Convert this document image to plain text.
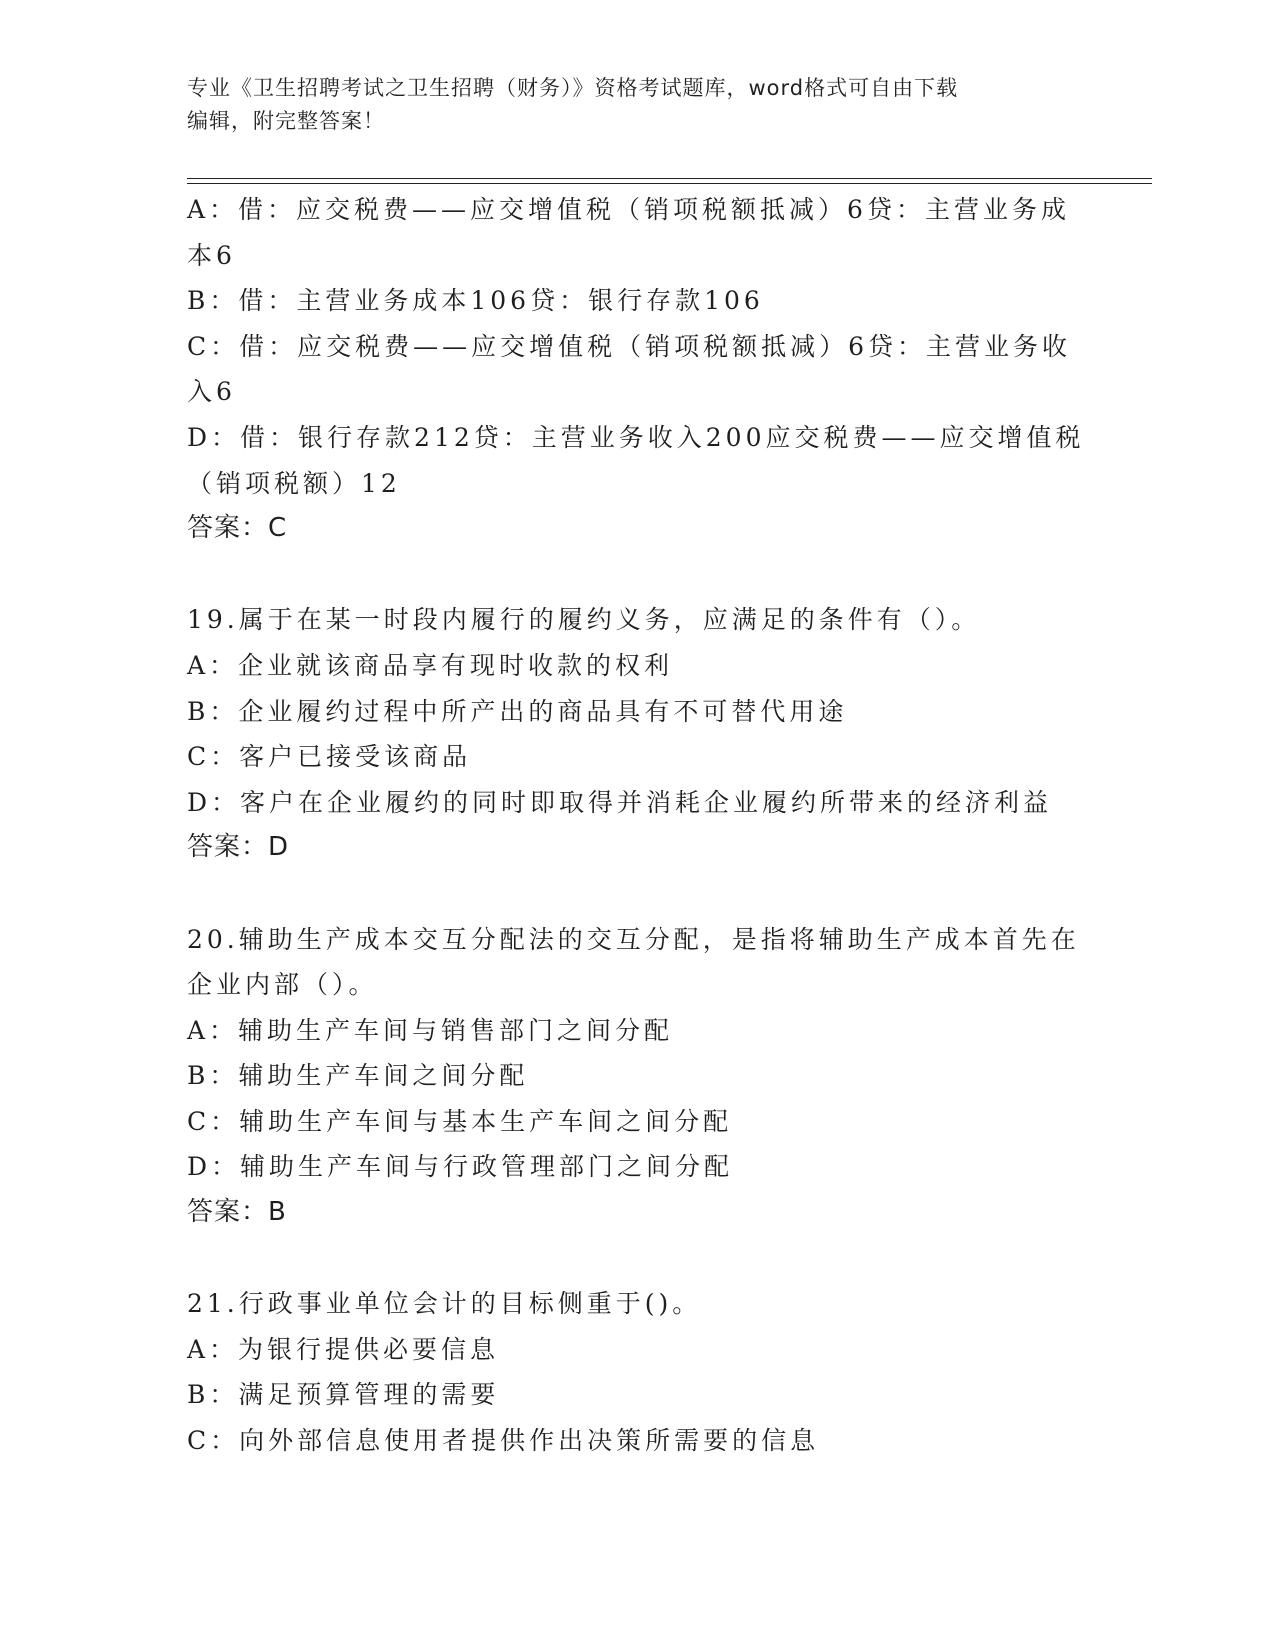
专业《卫生招聘考试之卫生招聘（财务）》资格考试题库，word格式可自由下载
编辑，附完整答案！
A：借：应交税费——应交增值税（销项税额抵减）6贷：主营业务成
本6
B：借：主营业务成本106贷：银行存款106
C：借：应交税费——应交增值税（销项税额抵减）6贷：主营业务收
入6
D：借：银行存款212贷：主营业务收入200应交税费——应交增值税
（销项税额）12
答案：C
19.属于在某一时段内履行的履约义务，应满足的条件有（）。
A：企业就该商品享有现时收款的权利
B：企业履约过程中所产出的商品具有不可替代用途
C：客户已接受该商品
D：客户在企业履约的同时即取得并消耗企业履约所带来的经济利益
答案：D
20.辅助生产成本交互分配法的交互分配，是指将辅助生产成本首先在
企业内部（）。
A：辅助生产车间与销售部门之间分配
B：辅助生产车间之间分配
C：辅助生产车间与基本生产车间之间分配
D：辅助生产车间与行政管理部门之间分配
答案：B
21.行政事业单位会计的目标侧重于()。
A：为银行提供必要信息
B：满足预算管理的需要
C：向外部信息使用者提供作出决策所需要的信息
